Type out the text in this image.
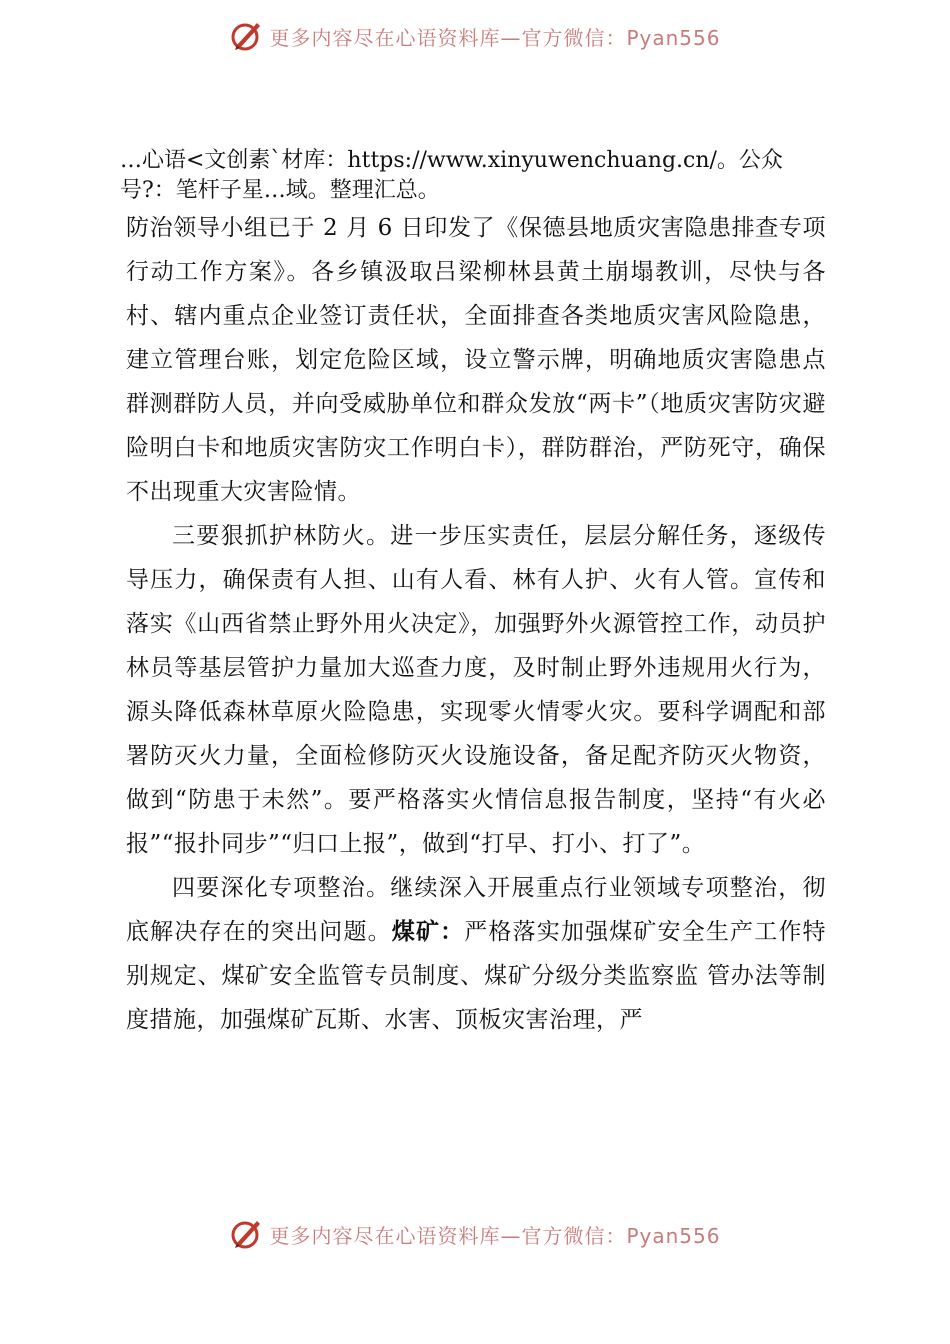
更多内容尽在心语资料库—官方微信：Pyan556

…心语<文创素`材库：https://www.xinyuwenchuang.cn/。公众号?：笔杆子星…域。整理汇总。

防治领导小组已于 2 月 6 日印发了《保德县地质灾害隐患排查专项行动工作方案》。各乡镇汲取吕梁柳林县黄土崩塌教训，尽快与各村、辖内重点企业签订责任状，全面排查各类地质灾害风险隐患，建立管理台账，划定危险区域，设立警示牌，明确地质灾害隐患点群测群防人员，并向受威胁单位和群众发放“两卡”（地质灾害防灾避险明白卡和地质灾害防灾工作明白卡），群防群治，严防死守，确保不出现重大灾害险情。

三要狠抓护林防火。进一步压实责任，层层分解任务，逐级传导压力，确保责有人担、山有人看、林有人护、火有人管。宣传和落实《山西省禁止野外用火决定》，加强野外火源管控工作，动员护林员等基层管护力量加大巡查力度，及时制止野外违规用火行为，源头降低森林草原火险隐患，实现零火情零火灾。要科学调配和部署防灭火力量，全面检修防灭火设施设备，备足配齐防灭火物资，做到“防患于未然”。要严格落实火情信息报告制度，坚持“有火必报”“报扑同步”“归口上报”，做到“打早、打小、打了”。

四要深化专项整治。继续深入开展重点行业领域专项整治，彻底解决存在的突出问题。煤矿：严格落实加强煤矿安全生产工作特别规定、煤矿安全监管专员制度、煤矿分级分类监察监 管办法等制度措施，加强煤矿瓦斯、水害、顶板灾害治理，严

更多内容尽在心语资料库—官方微信：Pyan556
